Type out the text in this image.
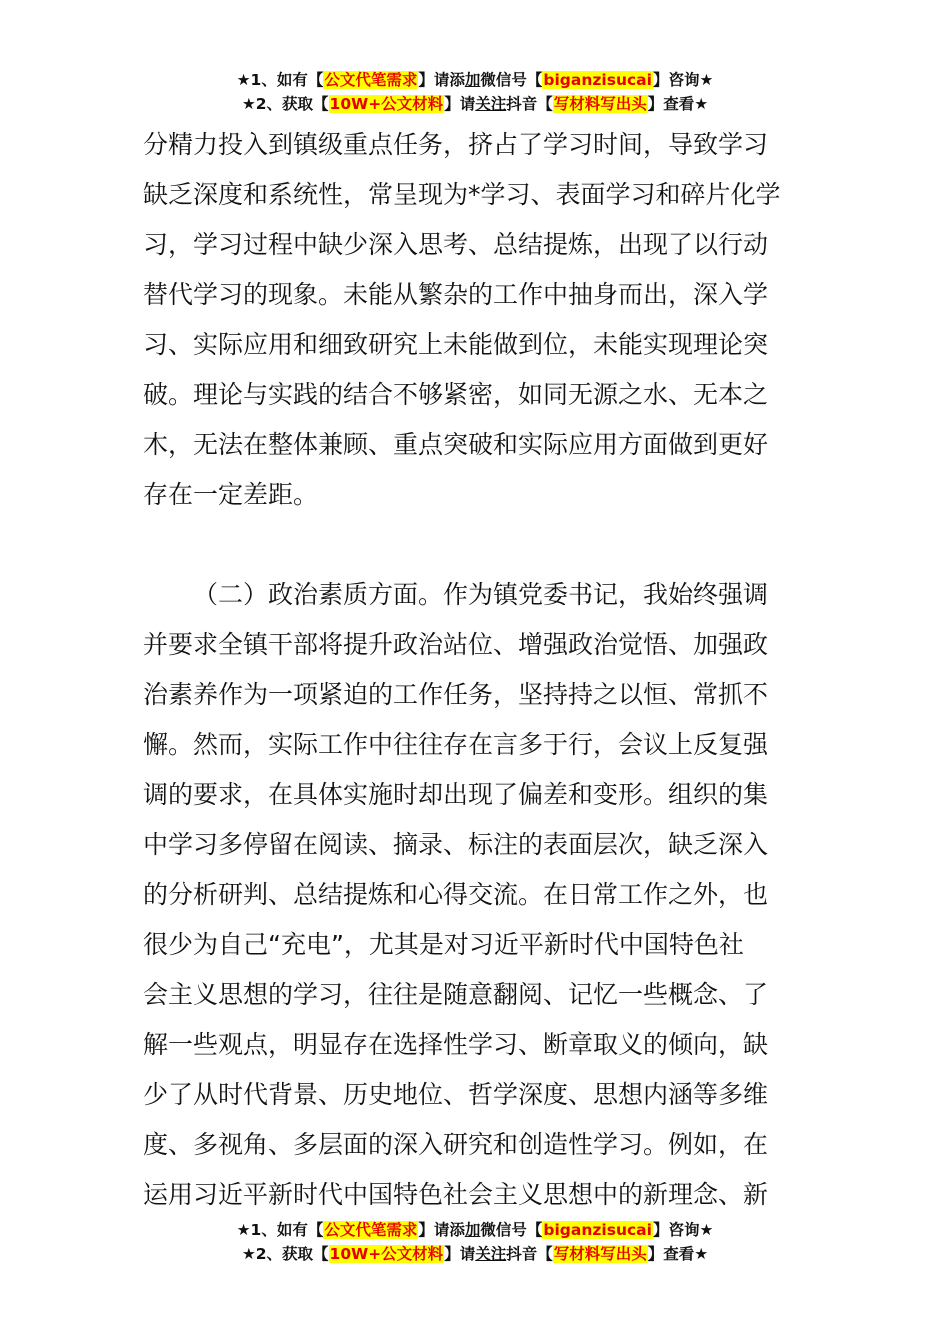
★1、如有【公文代笔需求】请添加微信号【biganzisucai】咨询★
★2、获取【10W+公文材料】请关注抖音【写材料写出头】查看★
分精力投入到镇级重点任务，挤占了学习时间，导致学习
缺乏深度和系统性，常呈现为*学习、表面学习和碎片化学
习，学习过程中缺少深入思考、总结提炼，出现了以行动
替代学习的现象。未能从繁杂的工作中抽身而出，深入学
习、实际应用和细致研究上未能做到位，未能实现理论突
破。理论与实践的结合不够紧密，如同无源之水、无本之
木，无法在整体兼顾、重点突破和实际应用方面做到更好
存在一定差距。
（二）政治素质方面。作为镇党委书记，我始终强调
并要求全镇干部将提升政治站位、增强政治觉悟、加强政
治素养作为一项紧迫的工作任务，坚持持之以恒、常抓不
懈。然而，实际工作中往往存在言多于行，会议上反复强
调的要求，在具体实施时却出现了偏差和变形。组织的集
中学习多停留在阅读、摘录、标注的表面层次，缺乏深入
的分析研判、总结提炼和心得交流。在日常工作之外，也
很少为自己“充电”，尤其是对习近平新时代中国特色社
会主义思想的学习，往往是随意翻阅、记忆一些概念、了
解一些观点，明显存在选择性学习、断章取义的倾向，缺
少了从时代背景、历史地位、哲学深度、思想内涵等多维
度、多视角、多层面的深入研究和创造性学习。例如，在
运用习近平新时代中国特色社会主义思想中的新理念、新
★1、如有【公文代笔需求】请添加微信号【biganzisucai】咨询★
★2、获取【10W+公文材料】请关注抖音【写材料写出头】查看★
